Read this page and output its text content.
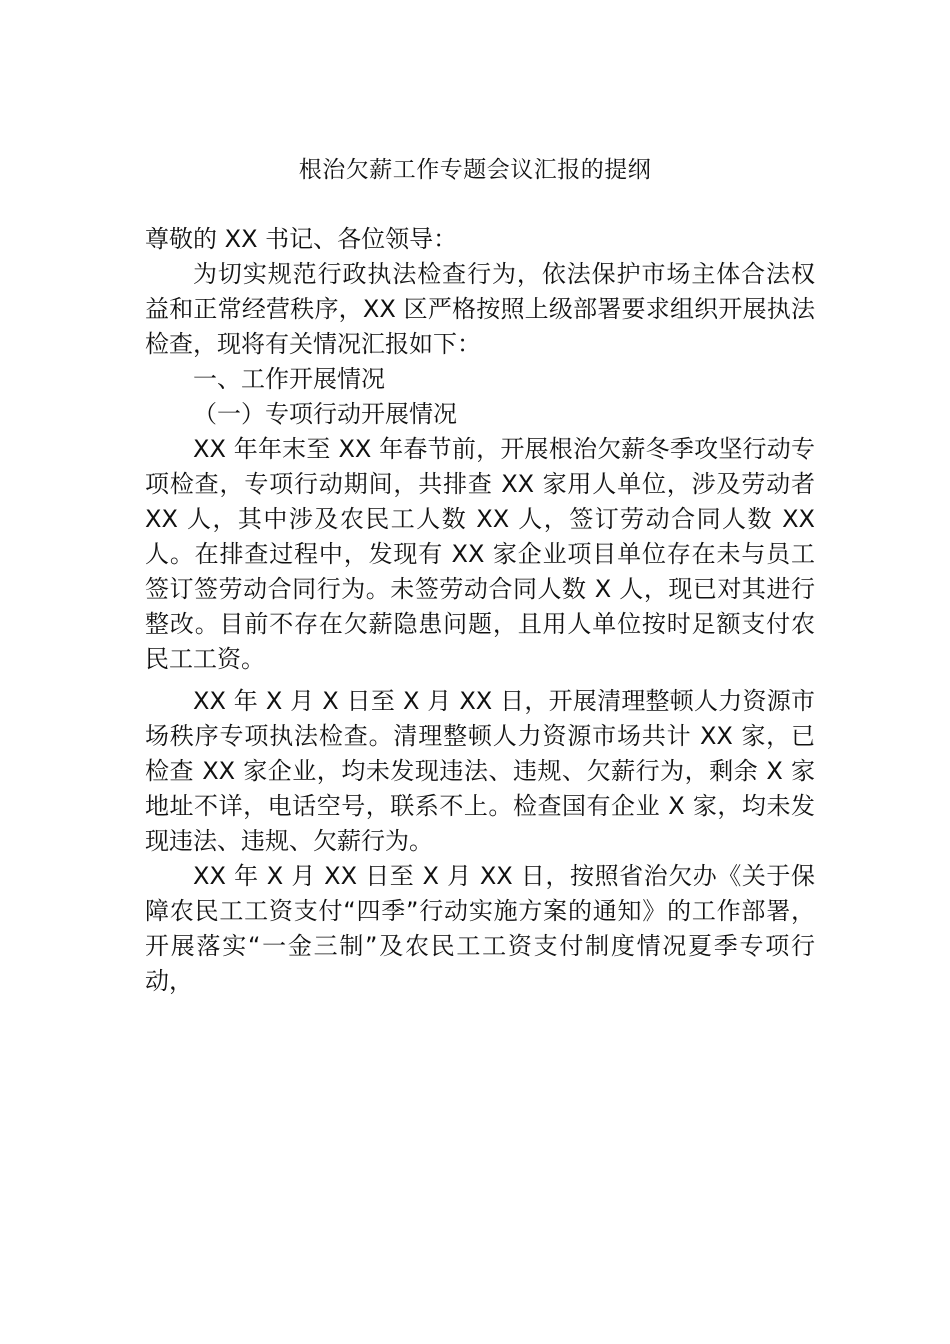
根治欠薪工作专题会议汇报的提纲

尊敬的 XX 书记、各位领导：

为切实规范行政执法检查行为，依法保护市场主体合法权益和正常经营秩序，XX 区严格按照上级部署要求组织开展执法检查，现将有关情况汇报如下：

一、工作开展情况

（一）专项行动开展情况

XX 年年末至 XX 年春节前，开展根治欠薪冬季攻坚行动专项检查，专项行动期间，共排查 XX 家用人单位，涉及劳动者 XX 人，其中涉及农民工人数 XX 人，签订劳动合同人数 XX 人。在排查过程中，发现有 XX 家企业项目单位存在未与员工签订签劳动合同行为。未签劳动合同人数 X 人，现已对其进行整改。目前不存在欠薪隐患问题，且用人单位按时足额支付农民工工资。

XX 年 X 月 X 日至 X 月 XX 日，开展清理整顿人力资源市场秩序专项执法检查。清理整顿人力资源市场共计 XX 家，已检查 XX 家企业，均未发现违法、违规、欠薪行为，剩余 X 家地址不详，电话空号，联系不上。检查国有企业 X 家，均未发现违法、违规、欠薪行为。

XX 年 X 月 XX 日至 X 月 XX 日，按照省治欠办《关于保障农民工工资支付“四季”行动实施方案的通知》的工作部署，开展落实“一金三制”及农民工工资支付制度情况夏季专项行动，
